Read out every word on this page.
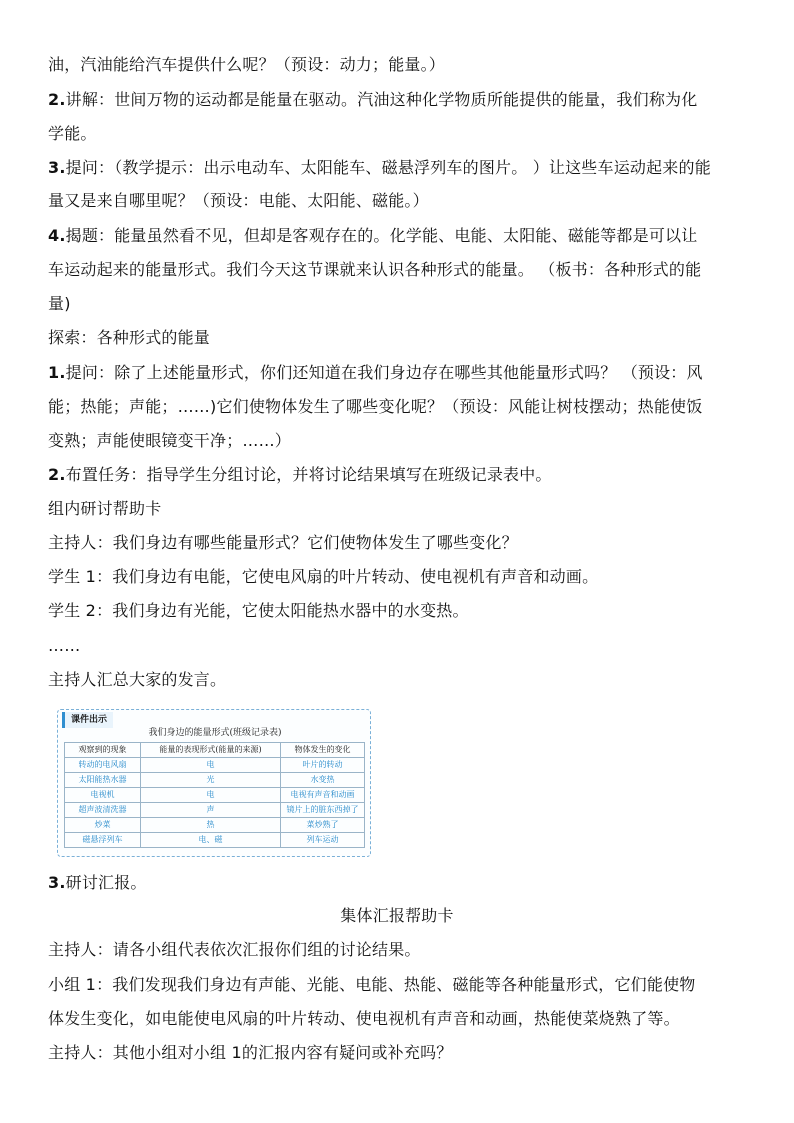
油，汽油能给汽车提供什么呢？（预设：动力；能量。）
2.讲解：世间万物的运动都是能量在驱动。汽油这种化学物质所能提供的能量，我们称为化
学能。
3.提问：（教学提示：出示电动车、太阳能车、磁悬浮列车的图片。 ）让这些车运动起来的能
量又是来自哪里呢？（预设：电能、太阳能、磁能。）
4.揭题：能量虽然看不见，但却是客观存在的。化学能、电能、太阳能、磁能等都是可以让
车运动起来的能量形式。我们今天这节课就来认识各种形式的能量。 （板书：各种形式的能
量)
探索：各种形式的能量
1.提问：除了上述能量形式，你们还知道在我们身边存在哪些其他能量形式吗？ （预设：风
能；热能；声能；……)它们使物体发生了哪些变化呢？（预设：风能让树枝摆动；热能使饭
变熟；声能使眼镜变干净；……）
2.布置任务：指导学生分组讨论，并将讨论结果填写在班级记录表中。
组内研讨帮助卡
主持人：我们身边有哪些能量形式？它们使物体发生了哪些变化？
学生 1：我们身边有电能，它使电风扇的叶片转动、使电视机有声音和动画。
学生 2：我们身边有光能，它使太阳能热水器中的水变热。
……
主持人汇总大家的发言。
课件出示
我们身边的能量形式(班级记录表)
观察到的现象	能量的表现形式(能量的来源)	物体发生的变化
转动的电风扇	电	叶片的转动
太阳能热水器	光	水变热
电视机	电	电视有声音和动画
超声波清洗器	声	镜片上的脏东西掉了
炒菜	热	菜炒熟了
磁悬浮列车	电、磁	列车运动
3.研讨汇报。
集体汇报帮助卡
主持人：请各小组代表依次汇报你们组的讨论结果。
小组 1：我们发现我们身边有声能、光能、电能、热能、磁能等各种能量形式，它们能使物
体发生变化，如电能使电风扇的叶片转动、使电视机有声音和动画，热能使菜烧熟了等。
主持人：其他小组对小组 1的汇报内容有疑问或补充吗？
